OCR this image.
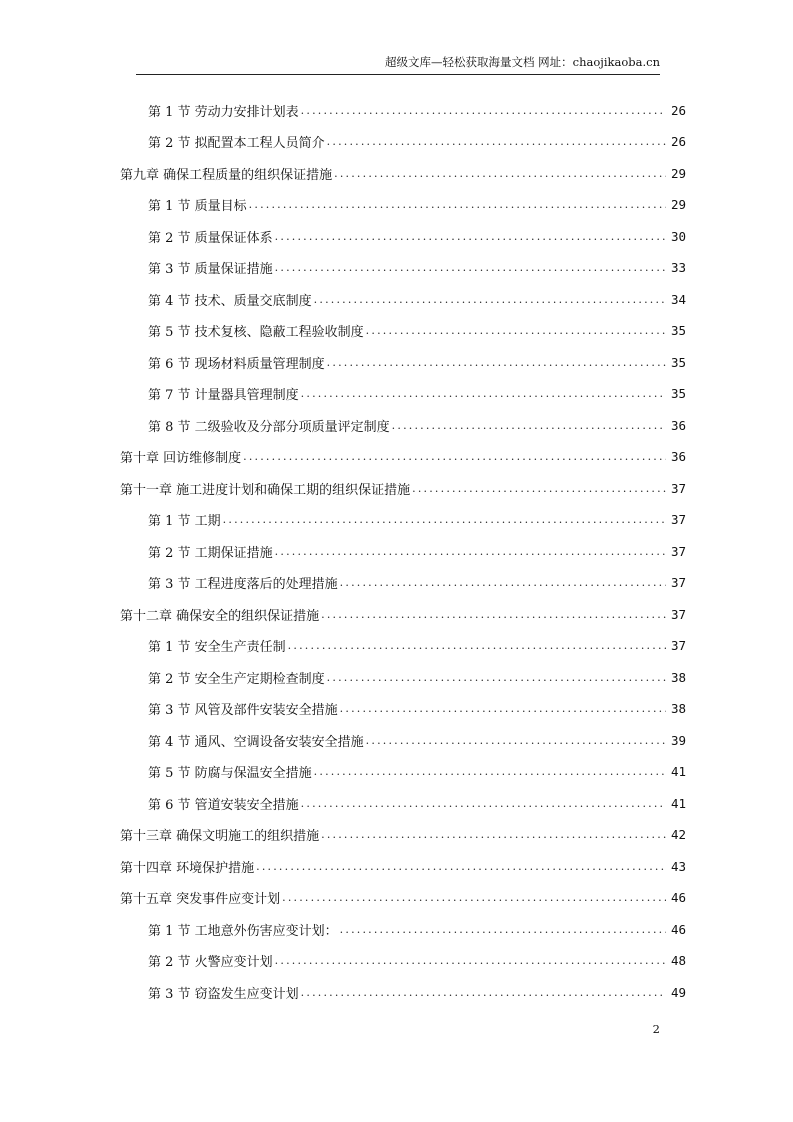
超级文库—轻松获取海量文档 网址：chaojikaoba.cn
第 1 节 劳动力安排计划表 .....	26
第 2 节 拟配置本工程人员简介 .....	26
第九章 确保工程质量的组织保证措施 .....	29
第 1 节 质量目标 .....	29
第 2 节 质量保证体系 .....	30
第 3 节 质量保证措施 .....	33
第 4 节 技术、质量交底制度 .....	34
第 5 节 技术复核、隐蔽工程验收制度 .....	35
第 6 节 现场材料质量管理制度 .....	35
第 7 节 计量器具管理制度 .....	35
第 8 节 二级验收及分部分项质量评定制度 .....	36
第十章 回访维修制度 .....	36
第十一章 施工进度计划和确保工期的组织保证措施 .....	37
第 1 节 工期 .....	37
第 2 节 工期保证措施 .....	37
第 3 节 工程进度落后的处理措施 .....	37
第十二章 确保安全的组织保证措施 .....	37
第 1 节 安全生产责任制 .....	37
第 2 节 安全生产定期检查制度 .....	38
第 3 节 风管及部件安装安全措施 .....	38
第 4 节 通风、空调设备安装安全措施 .....	39
第 5 节 防腐与保温安全措施 .....	41
第 6 节 管道安装安全措施 .....	41
第十三章 确保文明施工的组织措施 .....	42
第十四章 环境保护措施 .....	43
第十五章 突发事件应变计划 .....	46
第 1 节 工地意外伤害应变计划： .....	46
第 2 节 火警应变计划 .....	48
第 3 节 窃盗发生应变计划 .....	49
2
